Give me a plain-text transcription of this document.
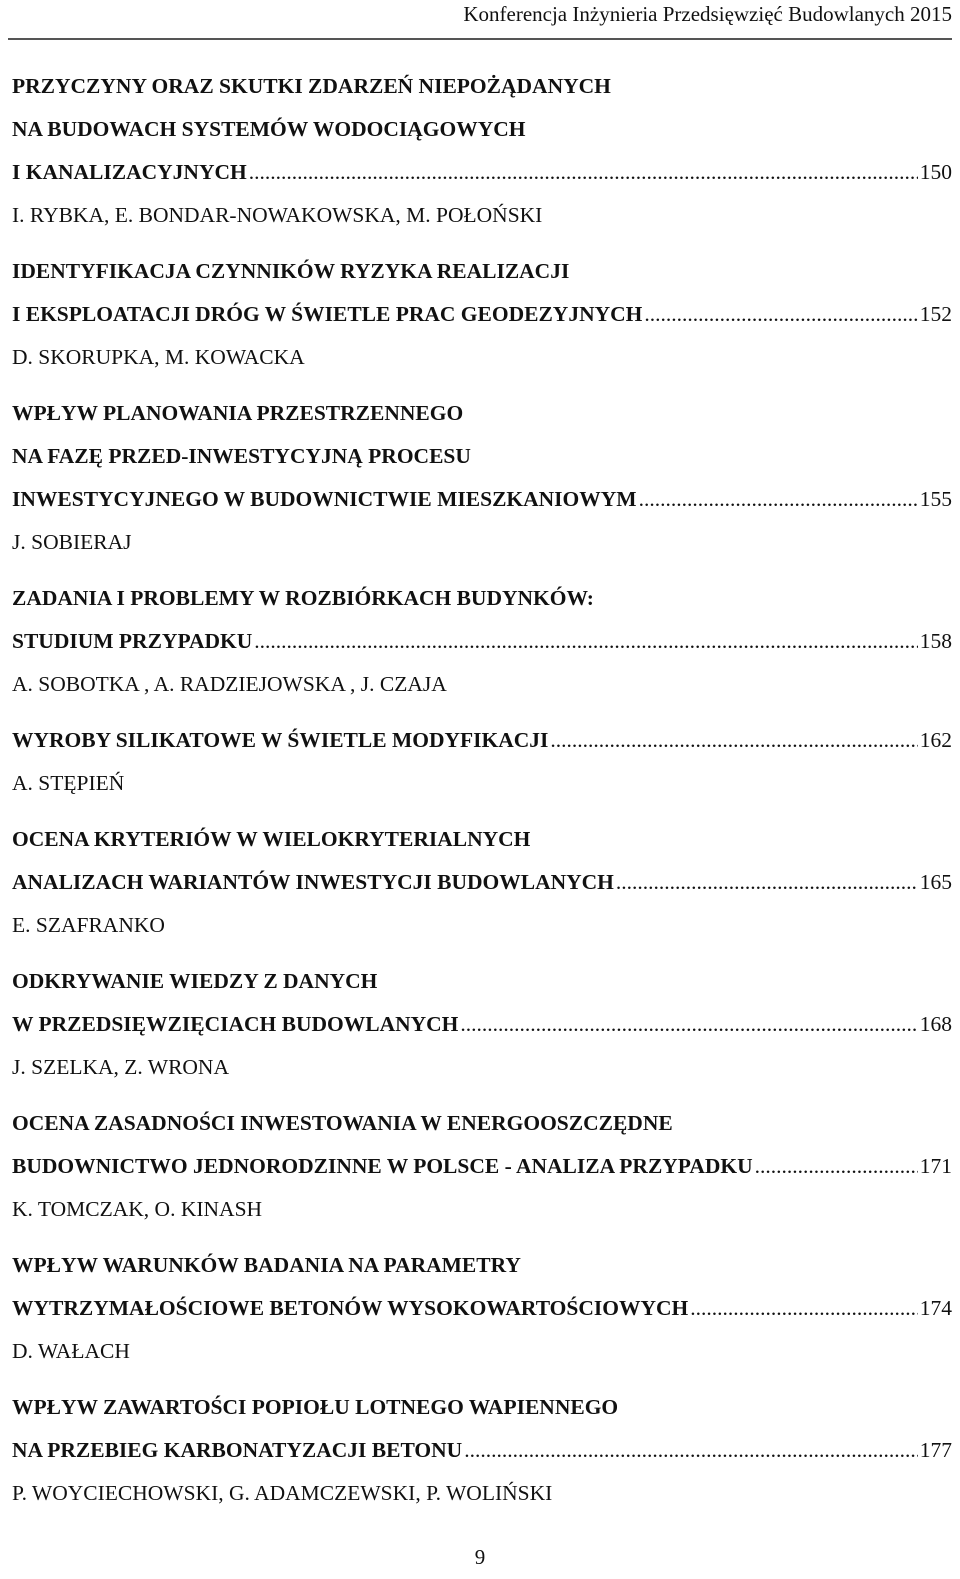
Konferencja Inżynieria Przedsięwzięć Budowlanych 2015
PRZYCZYNY ORAZ SKUTKI ZDARZEŃ NIEPOŻĄDANYCH
NA BUDOWACH SYSTEMÓW WODOCIĄGOWYCH
I KANALIZACYJNYCH .....	150
I. RYBKA, E. BONDAR-NOWAKOWSKA, M. POŁOŃSKI
IDENTYFIKACJA CZYNNIKÓW RYZYKA REALIZACJI
I EKSPLOATACJI DRÓG W ŚWIETLE PRAC GEODEZYJNYCH .....	152
D. SKORUPKA, M. KOWACKA
WPŁYW PLANOWANIA PRZESTRZENNEGO
NA FAZĘ PRZED-INWESTYCYJNĄ PROCESU
INWESTYCYJNEGO W BUDOWNICTWIE MIESZKANIOWYM .....	155
J. SOBIERAJ
ZADANIA I PROBLEMY W ROZBIÓRKACH BUDYNKÓW:
STUDIUM PRZYPADKU .....	158
A. SOBOTKA , A. RADZIEJOWSKA , J. CZAJA
WYROBY SILIKATOWE W ŚWIETLE MODYFIKACJI .....	162
A. STĘPIEŃ
OCENA KRYTERIÓW W WIELOKRYTERIALNYCH
ANALIZACH WARIANTÓW INWESTYCJI BUDOWLANYCH .....	165
E. SZAFRANKO
ODKRYWANIE WIEDZY Z DANYCH
W PRZEDSIĘWZIĘCIACH BUDOWLANYCH .....	168
J. SZELKA, Z. WRONA
OCENA ZASADNOŚCI INWESTOWANIA W ENERGOOSZCZĘDNE
BUDOWNICTWO JEDNORODZINNE W POLSCE - ANALIZA PRZYPADKU .....	171
K. TOMCZAK, O. KINASH
WPŁYW WARUNKÓW BADANIA NA PARAMETRY
WYTRZYMAŁOŚCIOWE BETONÓW WYSOKOWARTOŚCIOWYCH .....	174
D. WAŁACH
WPŁYW ZAWARTOŚCI POPIOŁU LOTNEGO WAPIENNEGO
NA PRZEBIEG KARBONATYZACJI BETONU .....	177
P. WOYCIECHOWSKI, G. ADAMCZEWSKI, P. WOLIŃSKI
9
